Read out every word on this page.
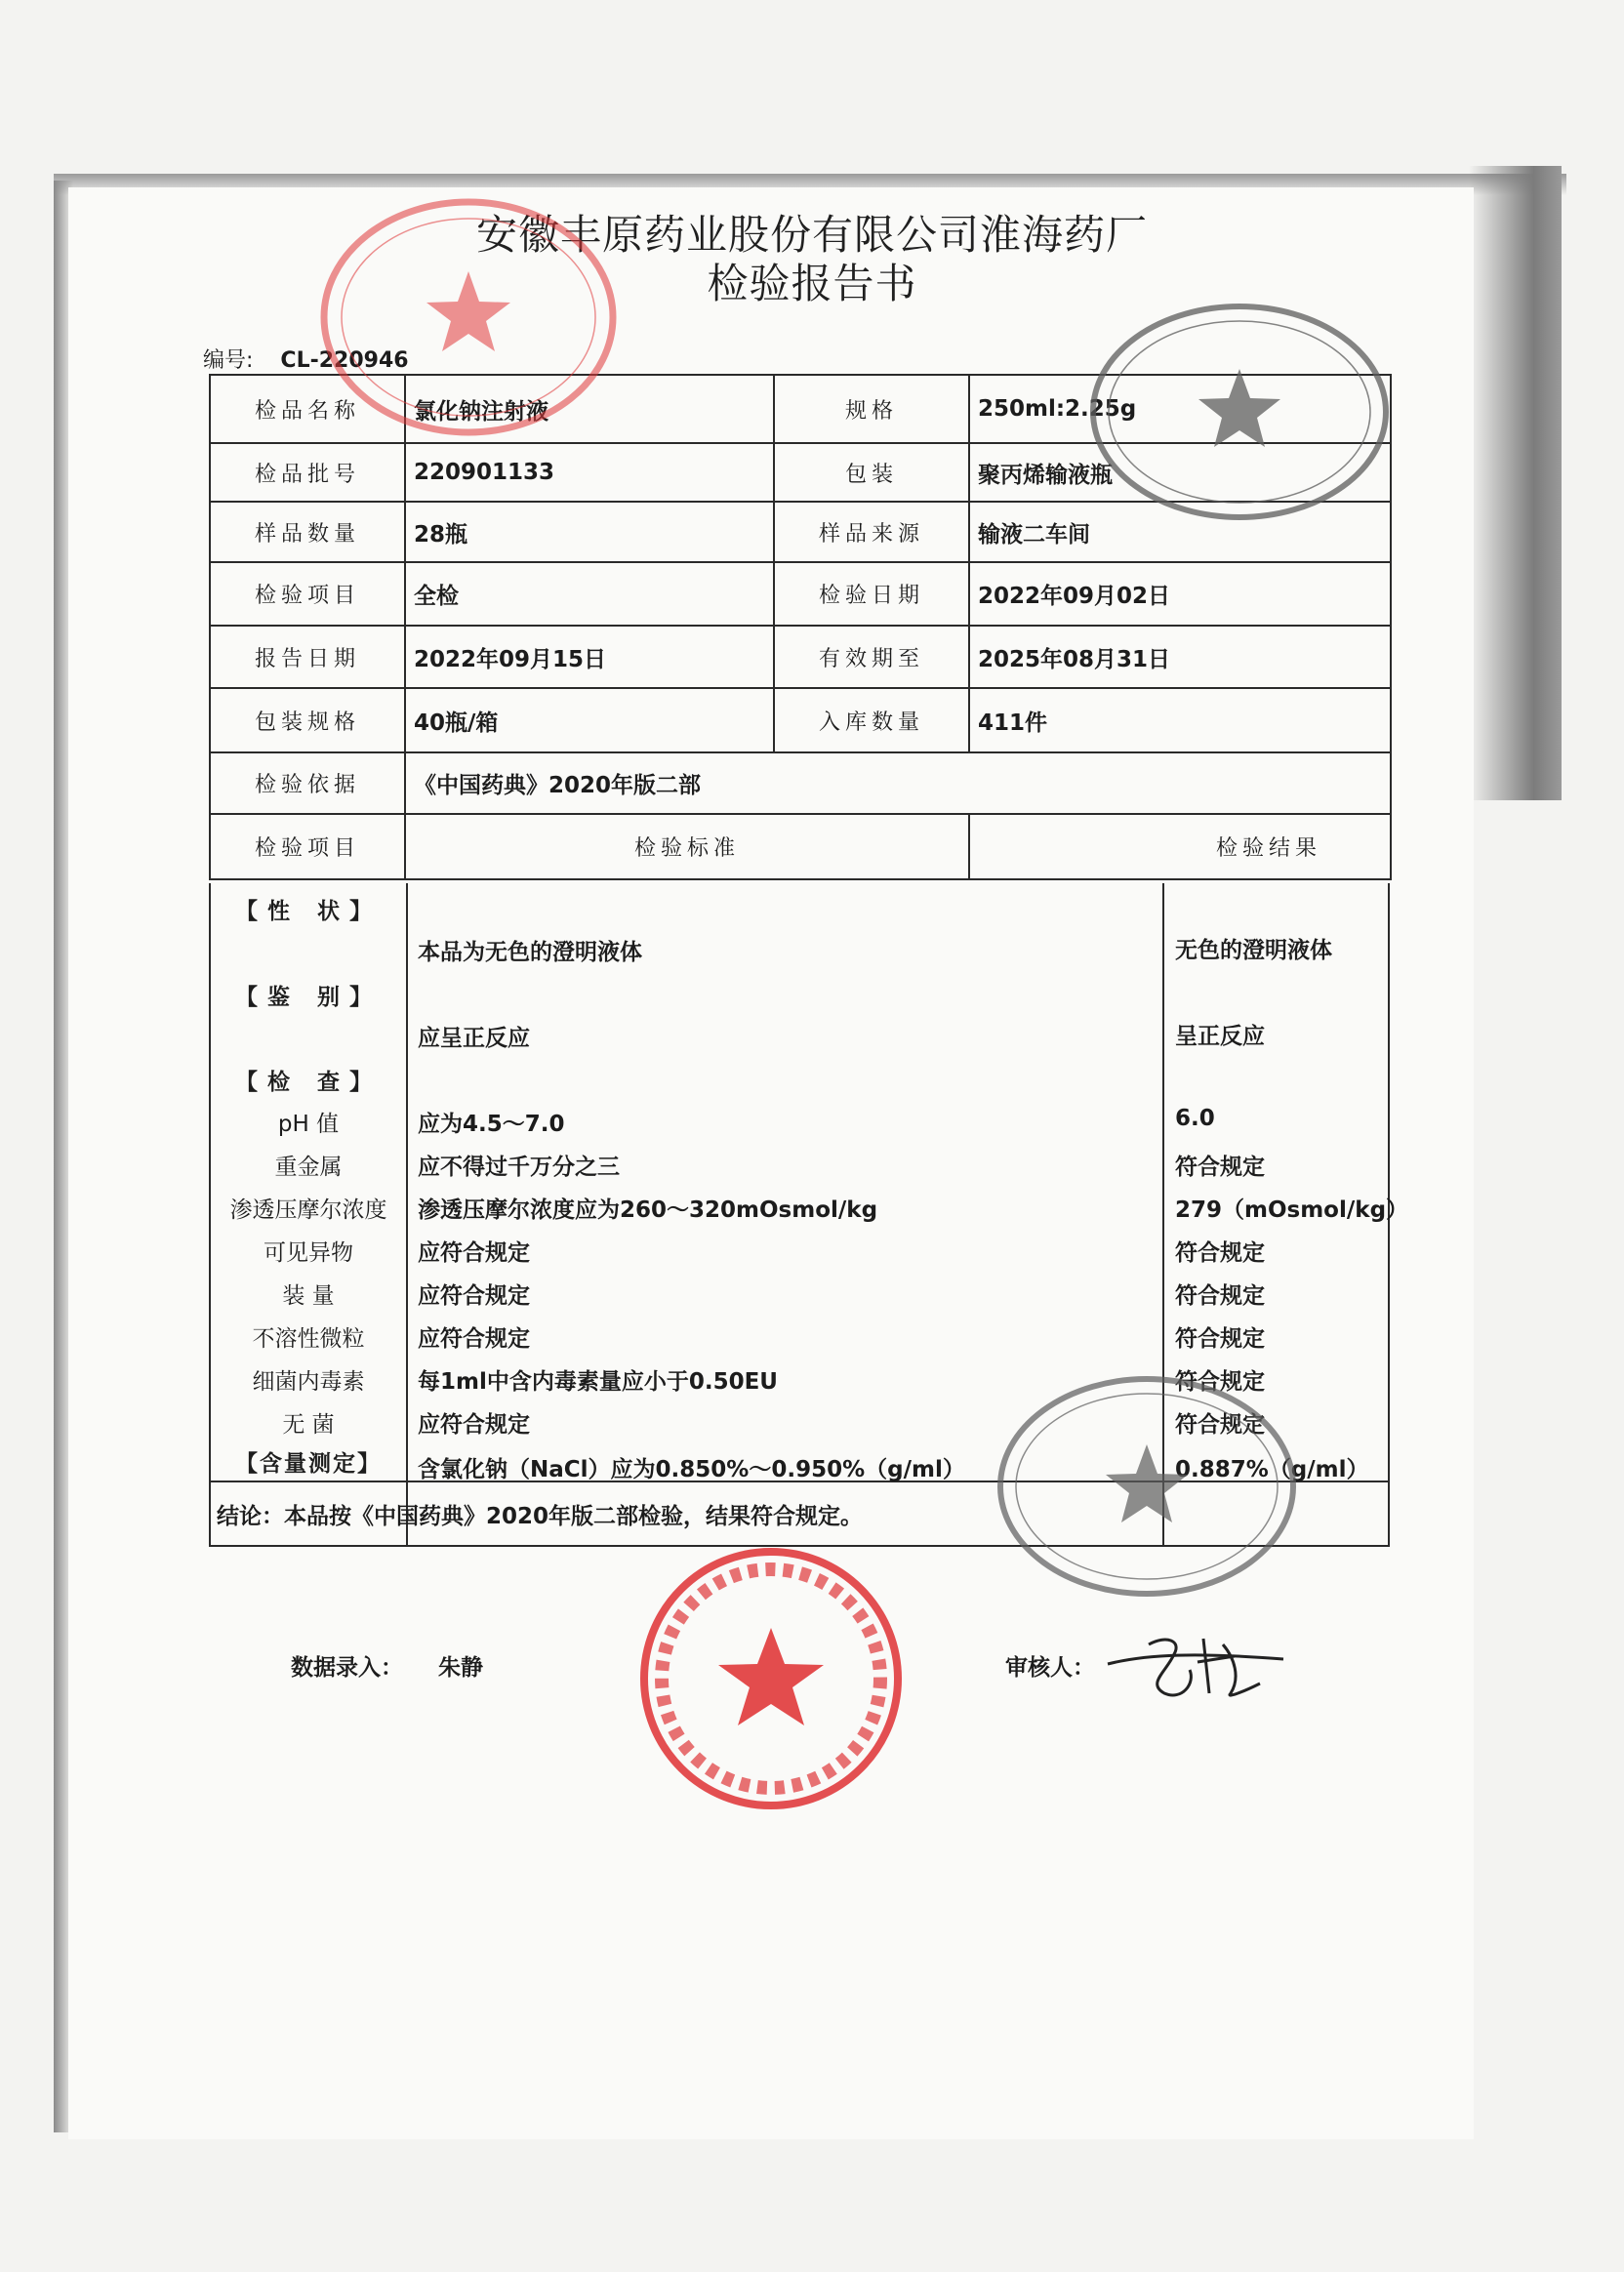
安徽丰原药业股份有限公司淮海药厂
检验报告书
编号: CL-220946
检品名称	氯化钠注射液	规格	250ml:2.25g
检品批号	220901133	包装	聚丙烯输液瓶
样品数量	28瓶	样品来源	输液二车间
检验项目	全检	检验日期	2022年09月02日
报告日期	2022年09月15日	有效期至	2025年08月31日
包装规格	40瓶/箱	入库数量	411件
检验依据	《中国药典》2020年版二部		
检验项目	检验标准		检验结果
【性 状】
本品为无色的澄明液体	无色的澄明液体
【鉴 别】
应呈正反应	呈正反应
【检 查】
pH 值	应为4.5～7.0	6.0
重金属	应不得过千万分之三	符合规定
渗透压摩尔浓度	渗透压摩尔浓度应为260～320mOsmol/kg	279（mOsmol/kg）
可见异物	应符合规定	符合规定
装 量	应符合规定	符合规定
不溶性微粒	应符合规定	符合规定
细菌内毒素	每1ml中含内毒素量应小于0.50EU	符合规定
无 菌	应符合规定	符合规定
【含量测定】	含氯化钠（NaCl）应为0.850%～0.950%（g/ml）	0.887%（g/ml）
结论：本品按《中国药典》2020年版二部检验，结果符合规定。
数据录入： 朱静	审核人：
